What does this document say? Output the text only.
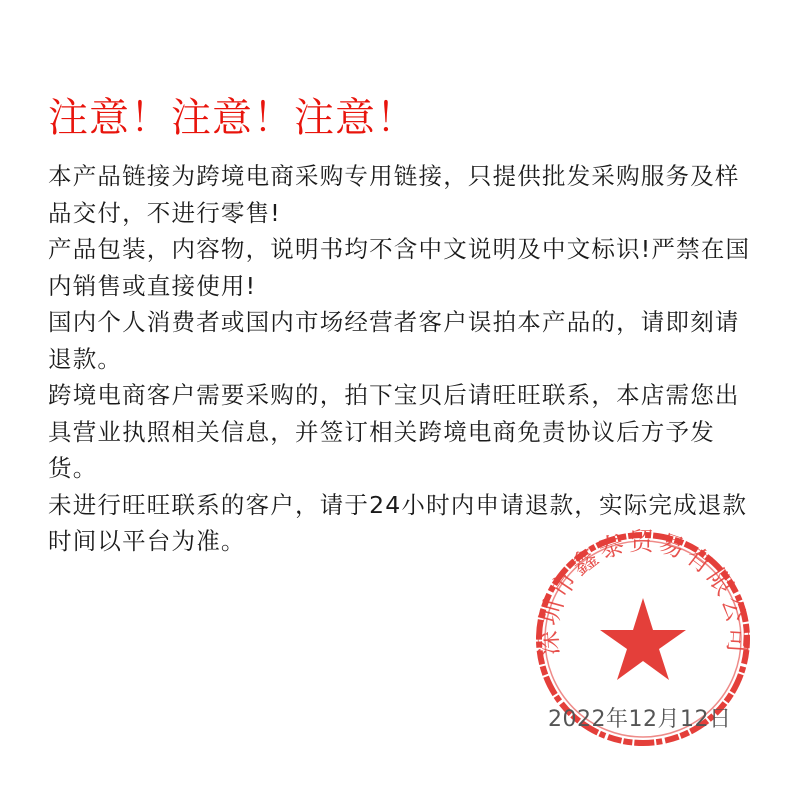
注意！注意！注意！

本产品链接为跨境电商采购专用链接，只提供批发采购服务及样品交付，不进行零售!

产品包装，内容物，说明书均不含中文说明及中文标识!严禁在国内销售或直接使用!

国内个人消费者或国内市场经营者客户误拍本产品的，请即刻请退款。

跨境电商客户需要采购的，拍下宝贝后请旺旺联系，本店需您出具营业执照相关信息，并签订相关跨境电商免责协议后方予发货。

未进行旺旺联系的客户，请于24小时内申请退款，实际完成退款时间以平台为准。

深圳市鑫泰贸易有限公司
2022年12月12日
